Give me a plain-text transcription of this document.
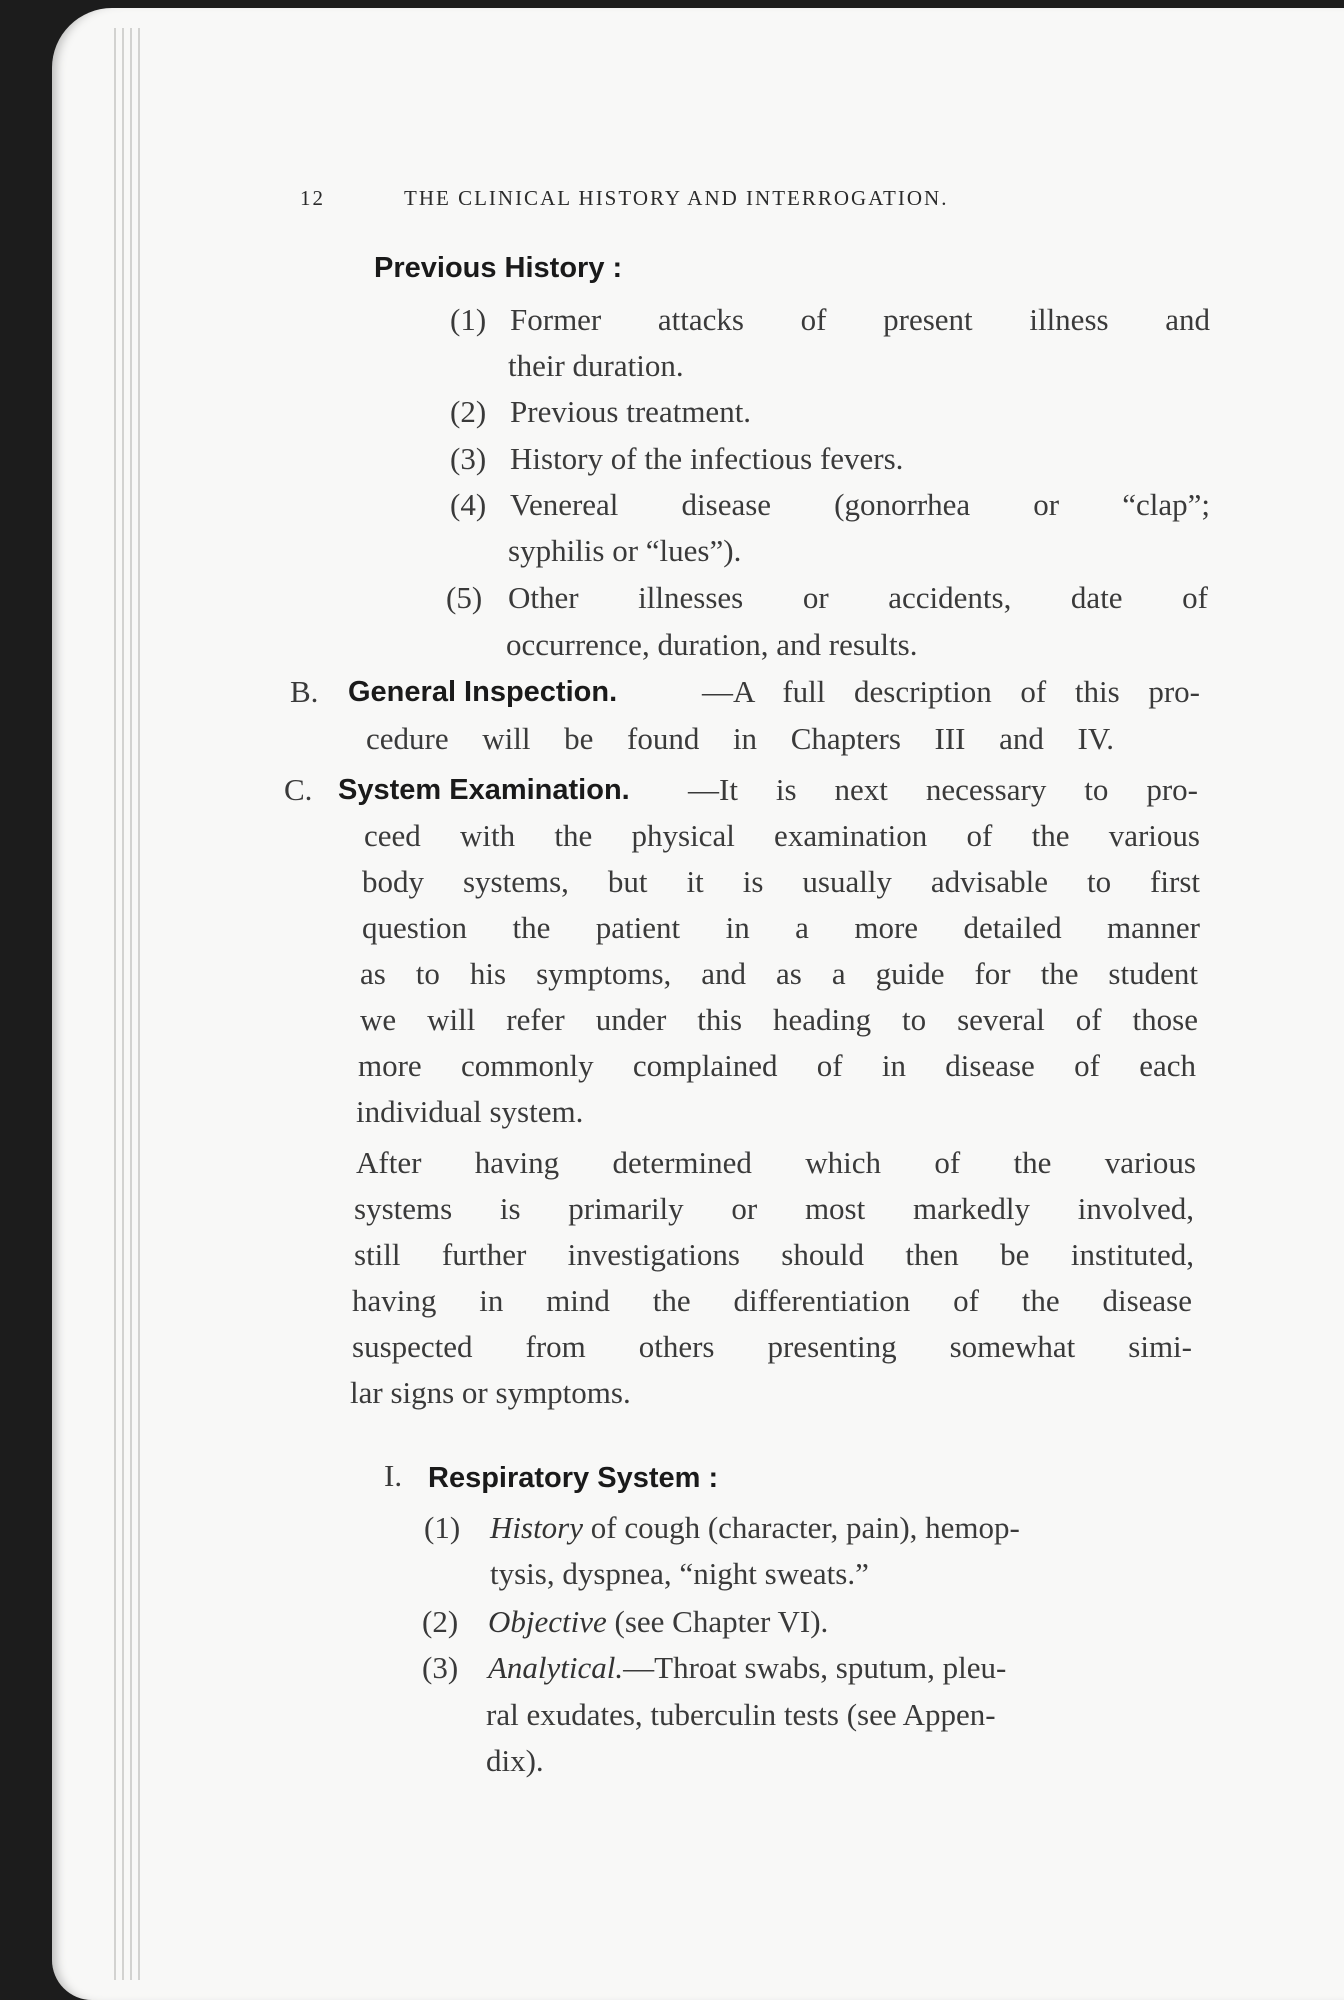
12	THE CLINICAL HISTORY AND INTERROGATION.
Previous History :
(1) Former attacks of present illness and
their duration.
(2) Previous treatment.
(3) History of the infectious fevers.
(4) Venereal disease (gonorrhea or “clap”;
syphilis or “lues”).
(5) Other illnesses or accidents, date of
occurrence, duration, and results.
B. General Inspection.	—A full description of this pro-
cedure will be found in Chapters III and IV.
C. System Examination. —It is next necessary to pro-
ceed with the physical examination of the various
body systems, but it is usually advisable to first
question the patient in a more detailed manner
as to his symptoms, and as a guide for the student
we will refer under this heading to several of those
more commonly complained of in disease of each
individual system.
After having determined which of the various
systems is primarily or most markedly involved,
still further investigations should then be instituted,
having in mind the differentiation of the disease
suspected from others presenting somewhat simi-
lar signs or symptoms.
I. Respiratory System :
(1) History of cough (character, pain), hemop-
tysis, dyspnea, “night sweats.”
(2) Objective (see Chapter VI).
(3) Analytical.—Throat swabs, sputum, pleu-
ral exudates, tuberculin tests (see Appen-
dix).
